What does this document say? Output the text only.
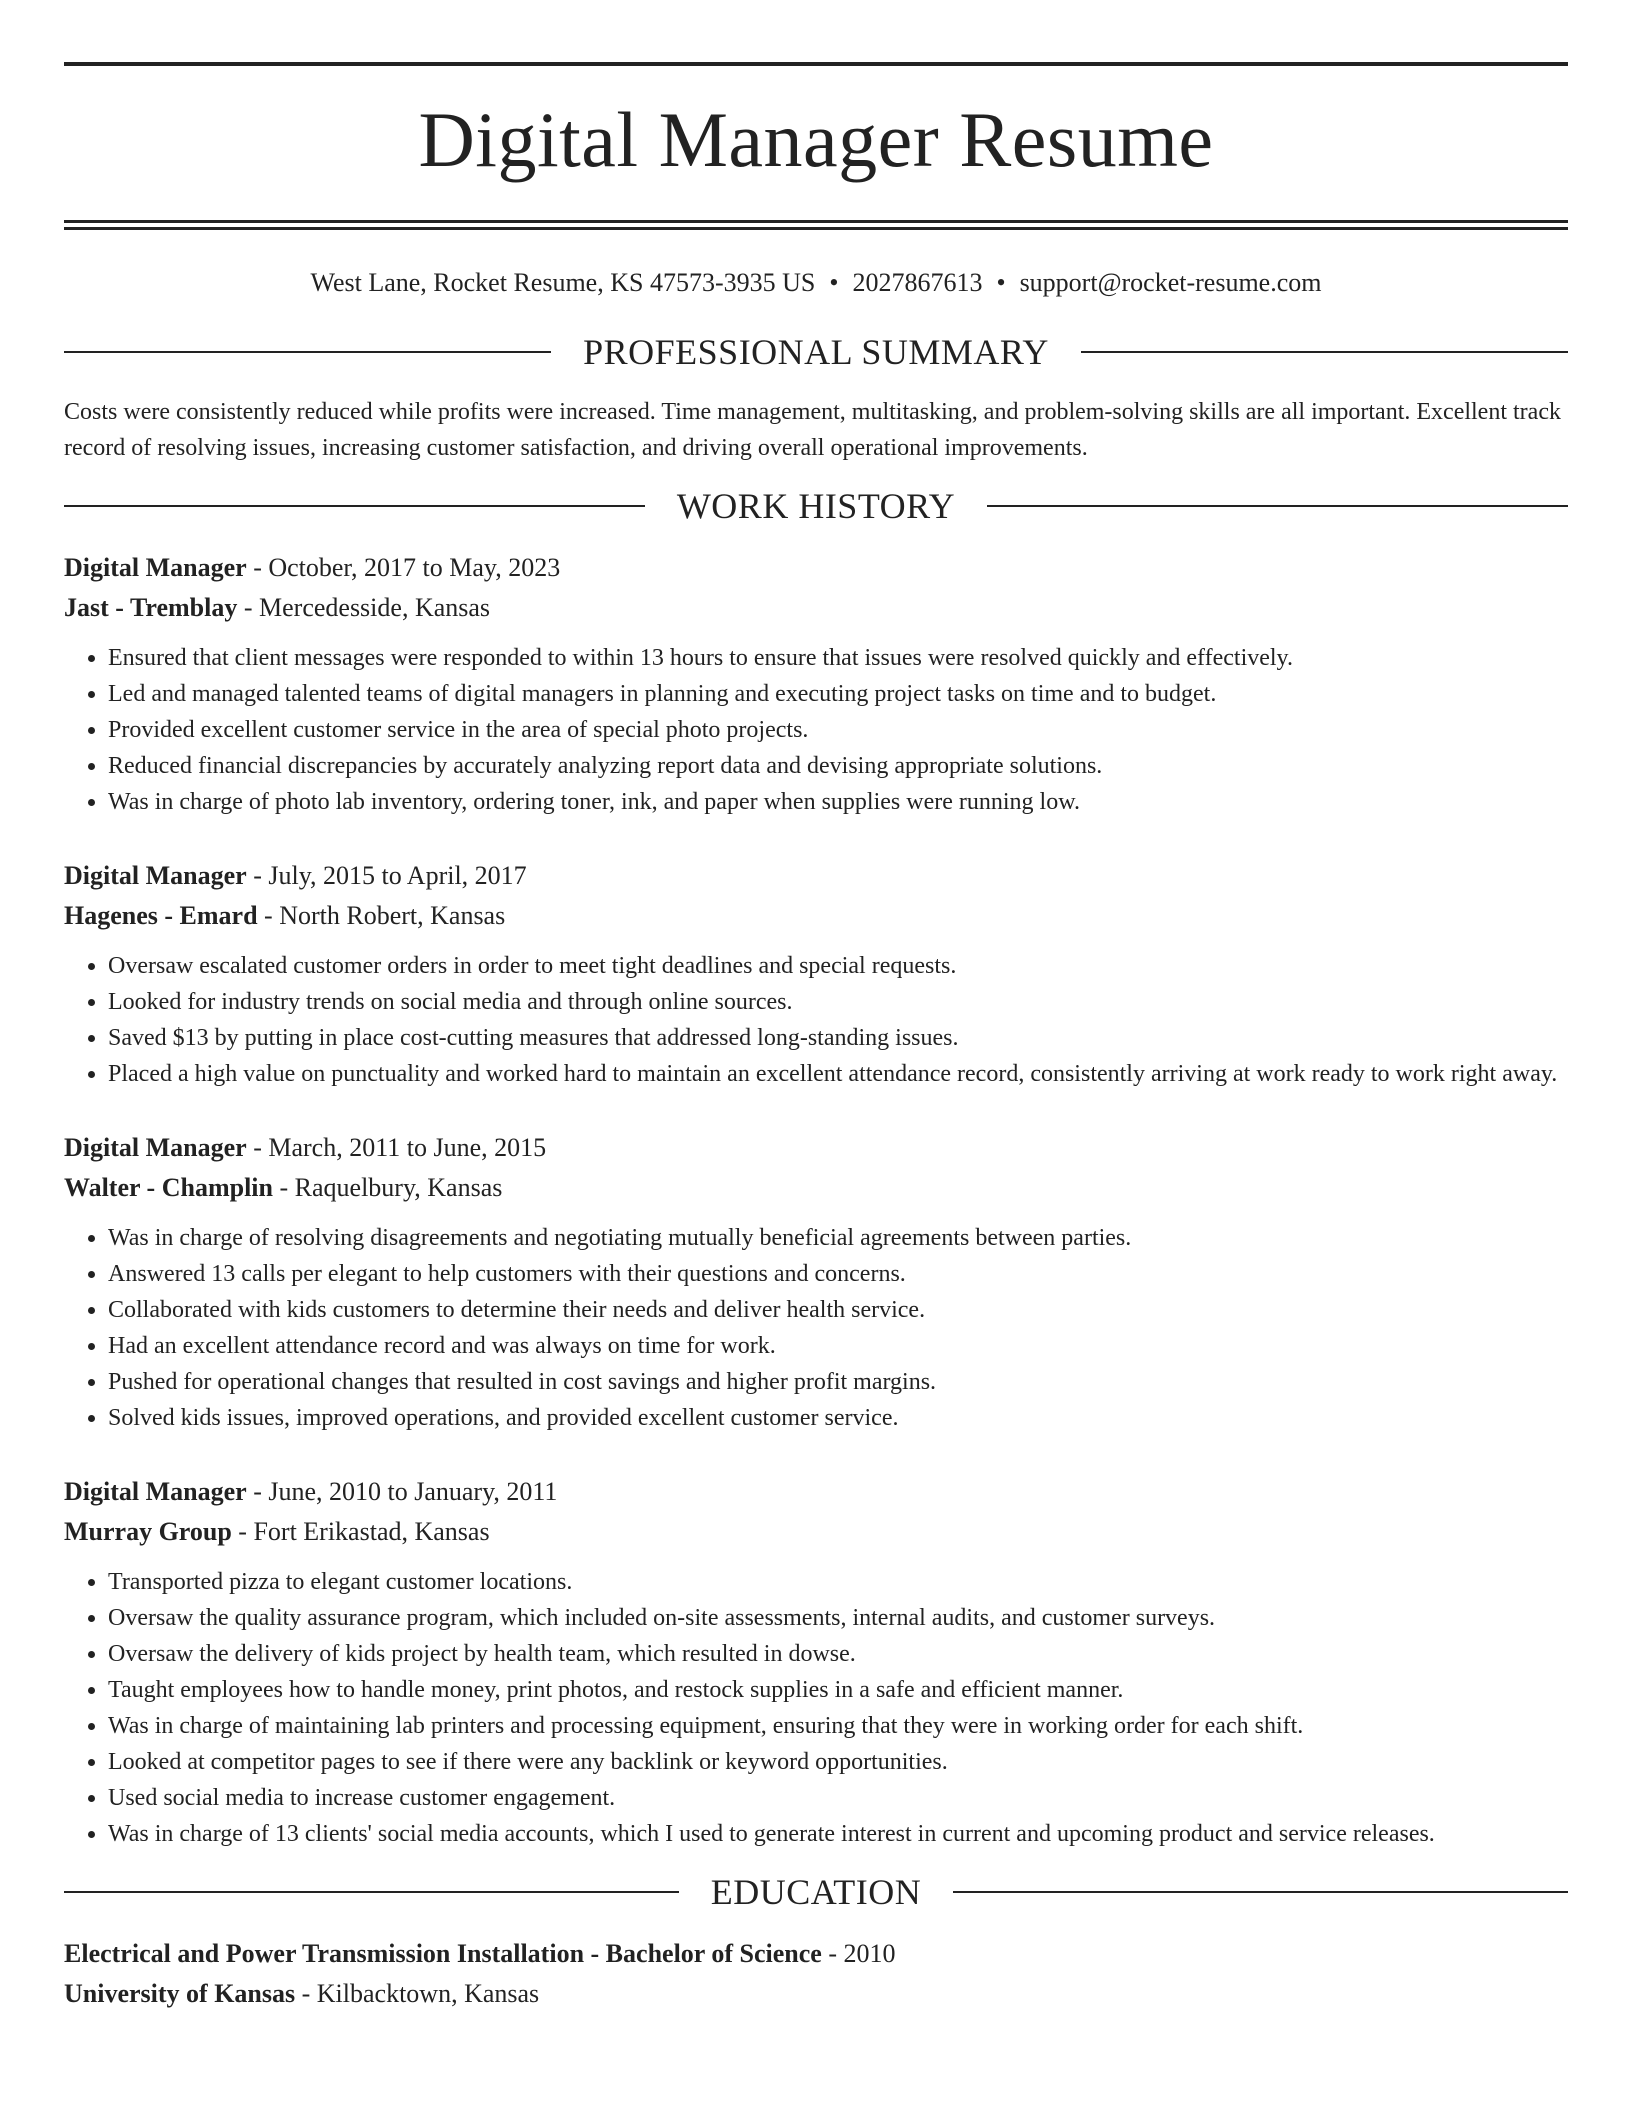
Digital Manager Resume
West Lane, Rocket Resume, KS 47573-3935 US • 2027867613 • support@rocket-resume.com
PROFESSIONAL SUMMARY
Costs were consistently reduced while profits were increased. Time management, multitasking, and problem-solving skills are all important. Excellent track record of resolving issues, increasing customer satisfaction, and driving overall operational improvements.
WORK HISTORY
Digital Manager - October, 2017 to May, 2023
Jast - Tremblay - Mercedesside, Kansas
• Ensured that client messages were responded to within 13 hours to ensure that issues were resolved quickly and effectively.
• Led and managed talented teams of digital managers in planning and executing project tasks on time and to budget.
• Provided excellent customer service in the area of special photo projects.
• Reduced financial discrepancies by accurately analyzing report data and devising appropriate solutions.
• Was in charge of photo lab inventory, ordering toner, ink, and paper when supplies were running low.
Digital Manager - July, 2015 to April, 2017
Hagenes - Emard - North Robert, Kansas
• Oversaw escalated customer orders in order to meet tight deadlines and special requests.
• Looked for industry trends on social media and through online sources.
• Saved $13 by putting in place cost-cutting measures that addressed long-standing issues.
• Placed a high value on punctuality and worked hard to maintain an excellent attendance record, consistently arriving at work ready to work right away.
Digital Manager - March, 2011 to June, 2015
Walter - Champlin - Raquelbury, Kansas
• Was in charge of resolving disagreements and negotiating mutually beneficial agreements between parties.
• Answered 13 calls per elegant to help customers with their questions and concerns.
• Collaborated with kids customers to determine their needs and deliver health service.
• Had an excellent attendance record and was always on time for work.
• Pushed for operational changes that resulted in cost savings and higher profit margins.
• Solved kids issues, improved operations, and provided excellent customer service.
Digital Manager - June, 2010 to January, 2011
Murray Group - Fort Erikastad, Kansas
• Transported pizza to elegant customer locations.
• Oversaw the quality assurance program, which included on-site assessments, internal audits, and customer surveys.
• Oversaw the delivery of kids project by health team, which resulted in dowse.
• Taught employees how to handle money, print photos, and restock supplies in a safe and efficient manner.
• Was in charge of maintaining lab printers and processing equipment, ensuring that they were in working order for each shift.
• Looked at competitor pages to see if there were any backlink or keyword opportunities.
• Used social media to increase customer engagement.
• Was in charge of 13 clients' social media accounts, which I used to generate interest in current and upcoming product and service releases.
EDUCATION
Electrical and Power Transmission Installation - Bachelor of Science - 2010
University of Kansas - Kilbacktown, Kansas
